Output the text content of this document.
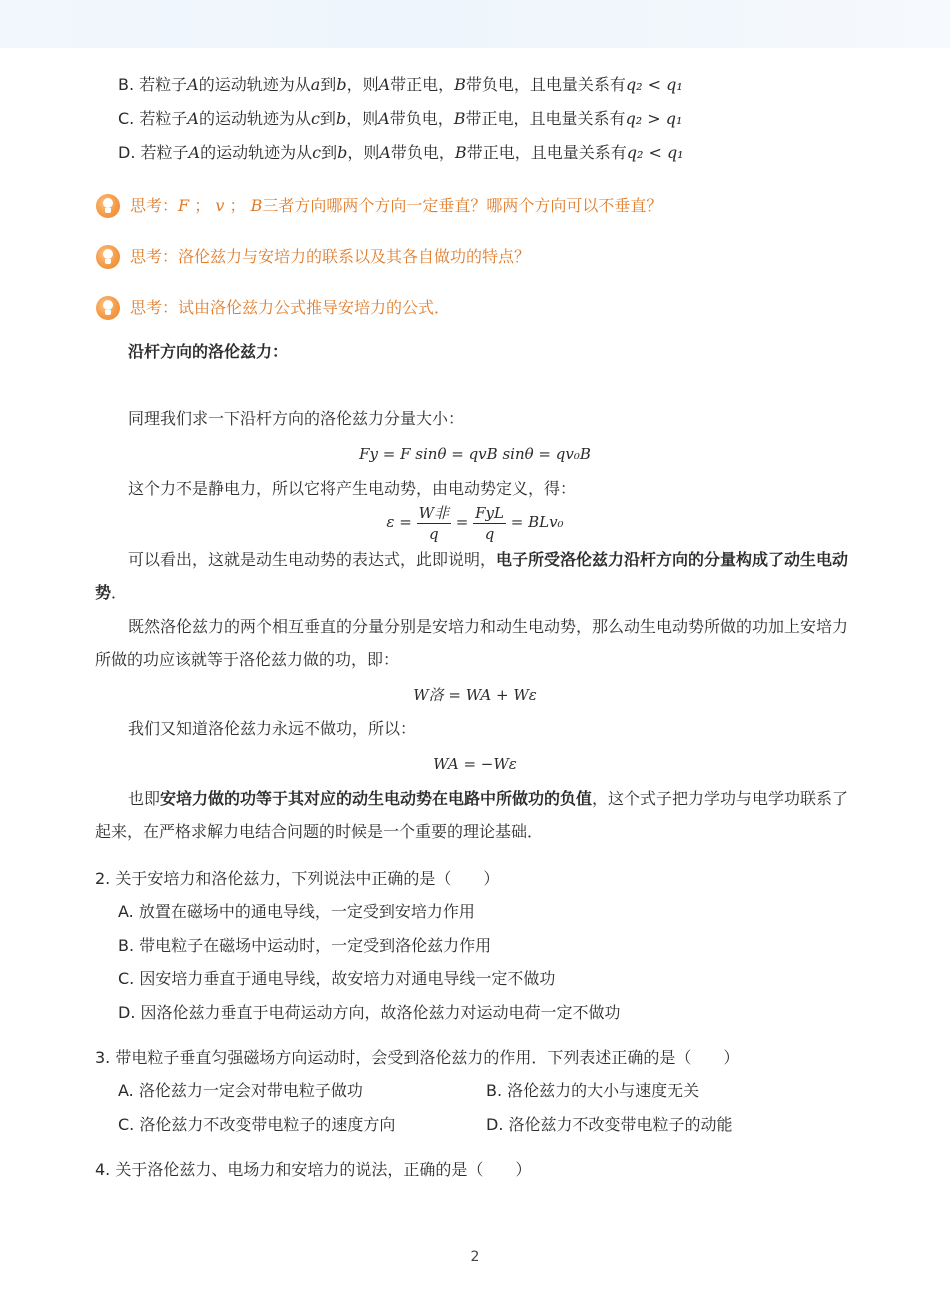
B. 若粒子A的运动轨迹为从a到b，则A带正电，B带负电，且电量关系有q₂ < q₁
C. 若粒子A的运动轨迹为从c到b，则A带负电，B带正电，且电量关系有q₂ > q₁
D. 若粒子A的运动轨迹为从c到b，则A带负电，B带正电，且电量关系有q₂ < q₁
思考：F ； v ； B三者方向哪两个方向一定垂直？哪两个方向可以不垂直？
思考：洛伦兹力与安培力的联系以及其各自做功的特点？
思考：试由洛伦兹力公式推导安培力的公式．
沿杆方向的洛伦兹力：
同理我们求一下沿杆方向的洛伦兹力分量大小：
Fy = F sinθ = qvB sinθ = qv₀B
这个力不是静电力，所以它将产生电动势，由电动势定义，得：
$\varepsilon = \frac{\text{W非}}{q} = \frac{\text{FyL}}{q} = BLv_0$
可以看出，这就是动生电动势的表达式，此即说明，电子所受洛伦兹力沿杆方向的分量构成了动生电动势．
既然洛伦兹力的两个相互垂直的分量分别是安培力和动生电动势，那么动生电动势所做的功加上安培力所做的功应该就等于洛伦兹力做的功，即：
W洛 = WA + Wε
我们又知道洛伦兹力永远不做功，所以：
WA = −Wε
也即安培力做的功等于其对应的动生电动势在电路中所做功的负值，这个式子把力学功与电学功联系了起来，在严格求解力电结合问题的时候是一个重要的理论基础．
2. 关于安培力和洛伦兹力，下列说法中正确的是（　　）
A. 放置在磁场中的通电导线，一定受到安培力作用
B. 带电粒子在磁场中运动时，一定受到洛伦兹力作用
C. 因安培力垂直于通电导线，故安培力对通电导线一定不做功
D. 因洛伦兹力垂直于电荷运动方向，故洛伦兹力对运动电荷一定不做功
3. 带电粒子垂直匀强磁场方向运动时，会受到洛伦兹力的作用．下列表述正确的是（　　）
A. 洛伦兹力一定会对带电粒子做功	B. 洛伦兹力的大小与速度无关
C. 洛伦兹力不改变带电粒子的速度方向	D. 洛伦兹力不改变带电粒子的动能
4. 关于洛伦兹力、电场力和安培力的说法，正确的是（　　）
2
